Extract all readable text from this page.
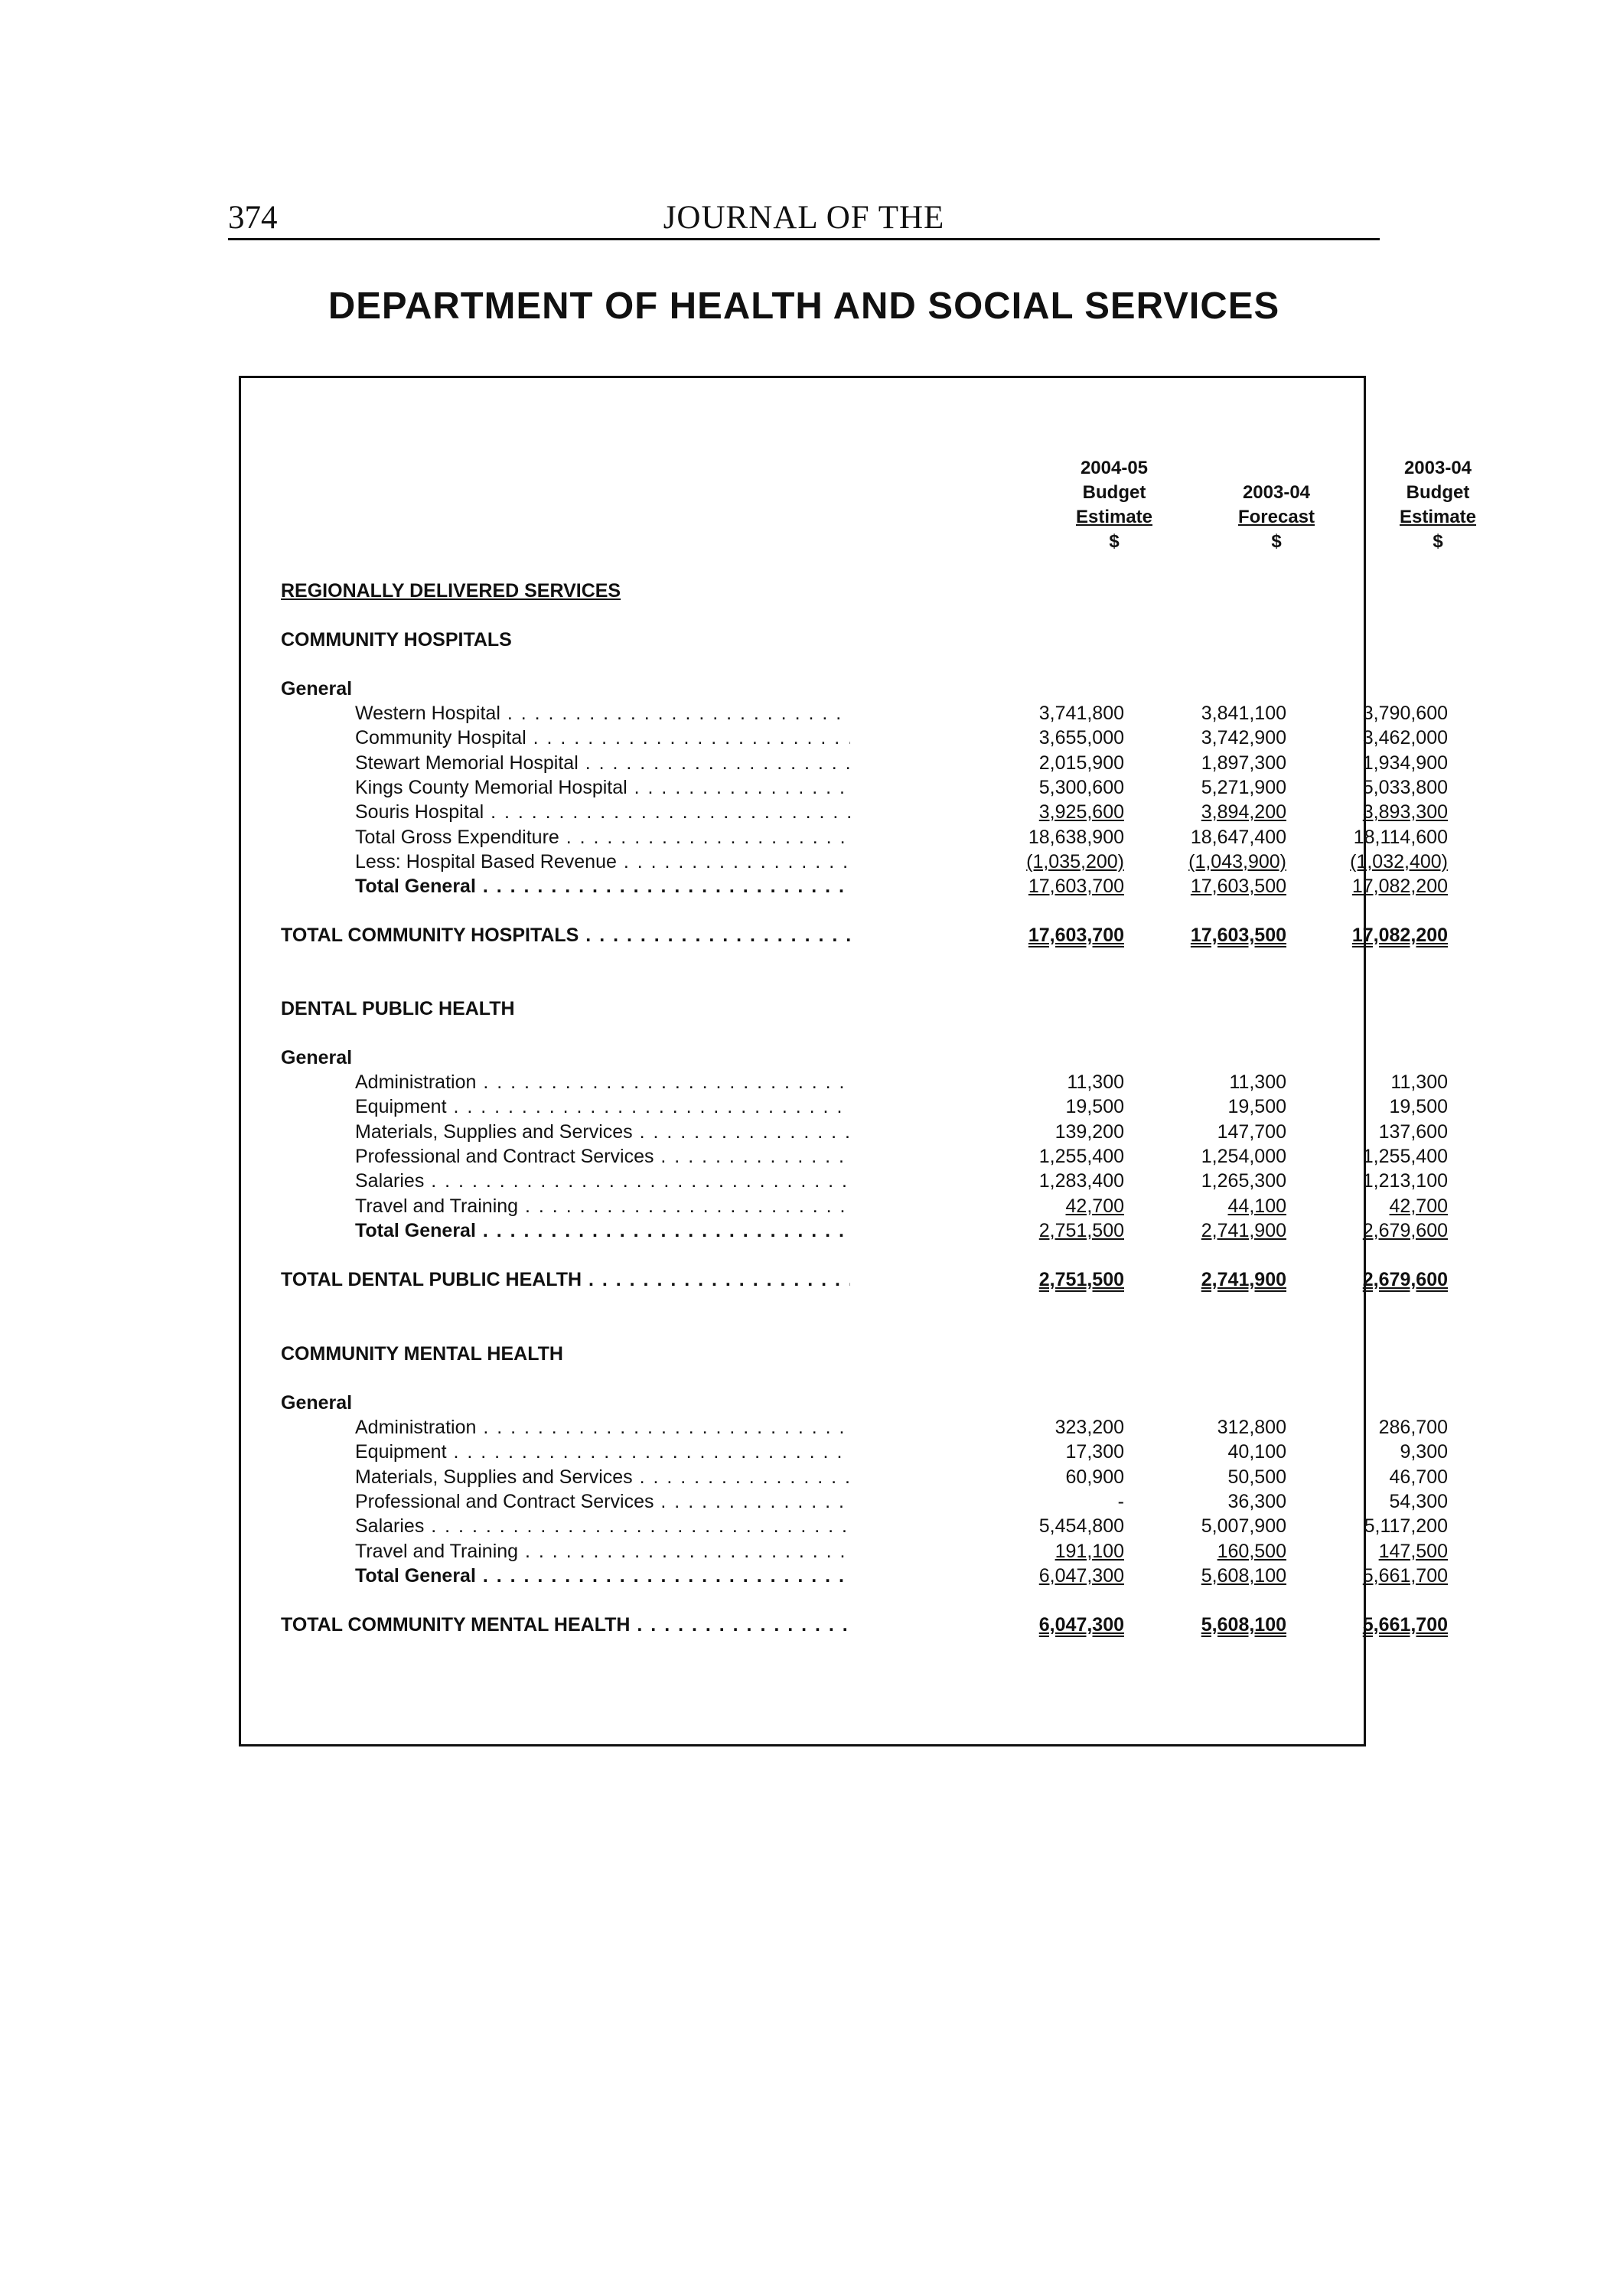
374	JOURNAL OF THE
DEPARTMENT OF HEALTH AND SOCIAL SERVICES
2004-05
Budget
Estimate
$
2003-04
Forecast
$
2003-04
Budget
Estimate
$
REGIONALLY DELIVERED SERVICES
COMMUNITY HOSPITALS
General
Western Hospital . . .	3,741,800	3,841,100	3,790,600
Community Hospital . . .	3,655,000	3,742,900	3,462,000
Stewart Memorial Hospital . . .	2,015,900	1,897,300	1,934,900
Kings County Memorial Hospital . . .	5,300,600	5,271,900	5,033,800
Souris Hospital . . .	3,925,600	3,894,200	3,893,300
Total Gross Expenditure . . .	18,638,900	18,647,400	18,114,600
Less: Hospital Based Revenue . . .	(1,035,200)	(1,043,900)	(1,032,400)
Total General . . .	17,603,700	17,603,500	17,082,200
TOTAL COMMUNITY HOSPITALS . . .	17,603,700	17,603,500	17,082,200
DENTAL PUBLIC HEALTH
General
Administration . . .	11,300	11,300	11,300
Equipment . . .	19,500	19,500	19,500
Materials, Supplies and Services . . .	139,200	147,700	137,600
Professional and Contract Services . . .	1,255,400	1,254,000	1,255,400
Salaries . . .	1,283,400	1,265,300	1,213,100
Travel and Training . . .	42,700	44,100	42,700
Total General . . .	2,751,500	2,741,900	2,679,600
TOTAL DENTAL PUBLIC HEALTH . . .	2,751,500	2,741,900	2,679,600
COMMUNITY MENTAL HEALTH
General
Administration . . .	323,200	312,800	286,700
Equipment . . .	17,300	40,100	9,300
Materials, Supplies and Services . . .	60,900	50,500	46,700
Professional and Contract Services . . .	-	36,300	54,300
Salaries . . .	5,454,800	5,007,900	5,117,200
Travel and Training . . .	191,100	160,500	147,500
Total General . . .	6,047,300	5,608,100	5,661,700
TOTAL COMMUNITY MENTAL HEALTH . . .	6,047,300	5,608,100	5,661,700
